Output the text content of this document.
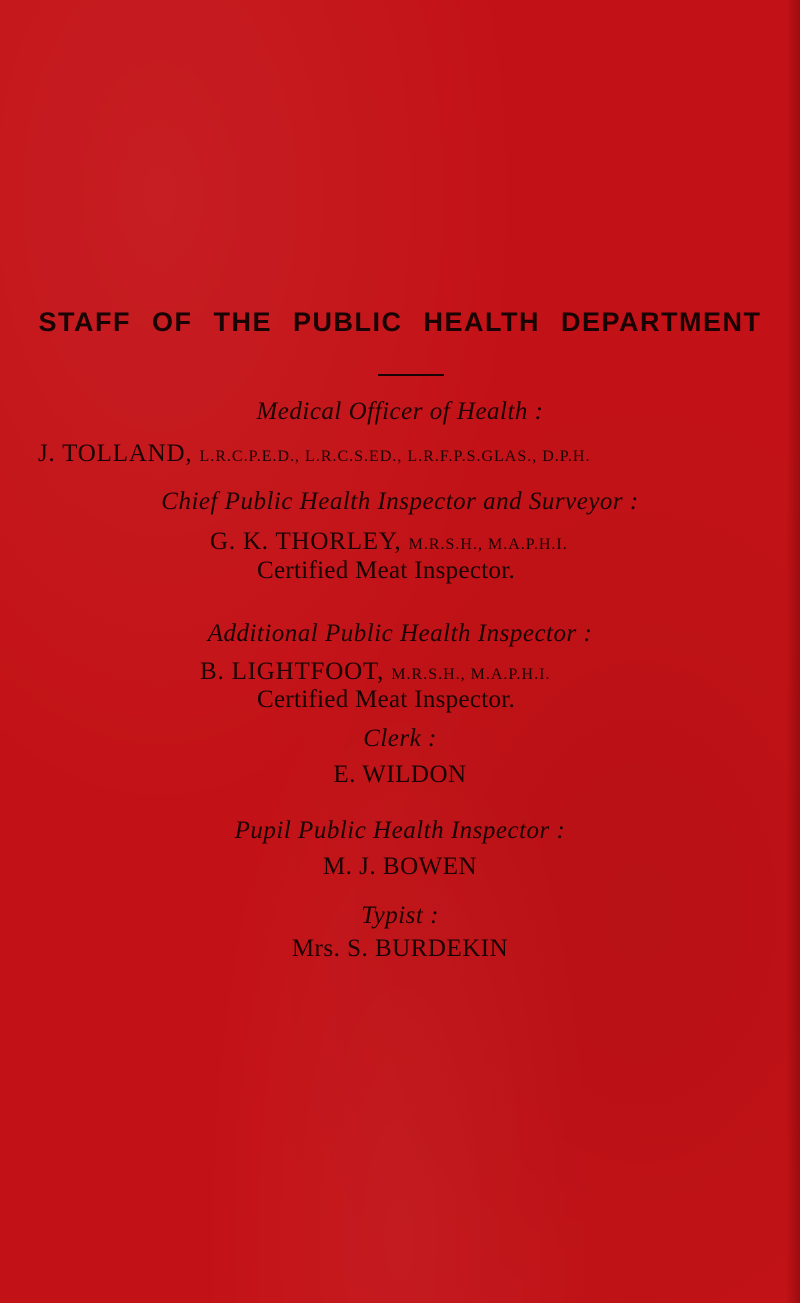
STAFF OF THE PUBLIC HEALTH DEPARTMENT
Medical Officer of Health :
J. TOLLAND, L.R.C.P.E.D., L.R.C.S.ED., L.R.F.P.S.GLAS., D.P.H.
Chief Public Health Inspector and Surveyor :
G. K. THORLEY, M.R.S.H., M.A.P.H.I.
Certified Meat Inspector.
Additional Public Health Inspector :
B. LIGHTFOOT, M.R.S.H., M.A.P.H.I.
Certified Meat Inspector.
Clerk :
E. WILDON
Pupil Public Health Inspector :
M. J. BOWEN
Typist :
Mrs. S. BURDEKIN
